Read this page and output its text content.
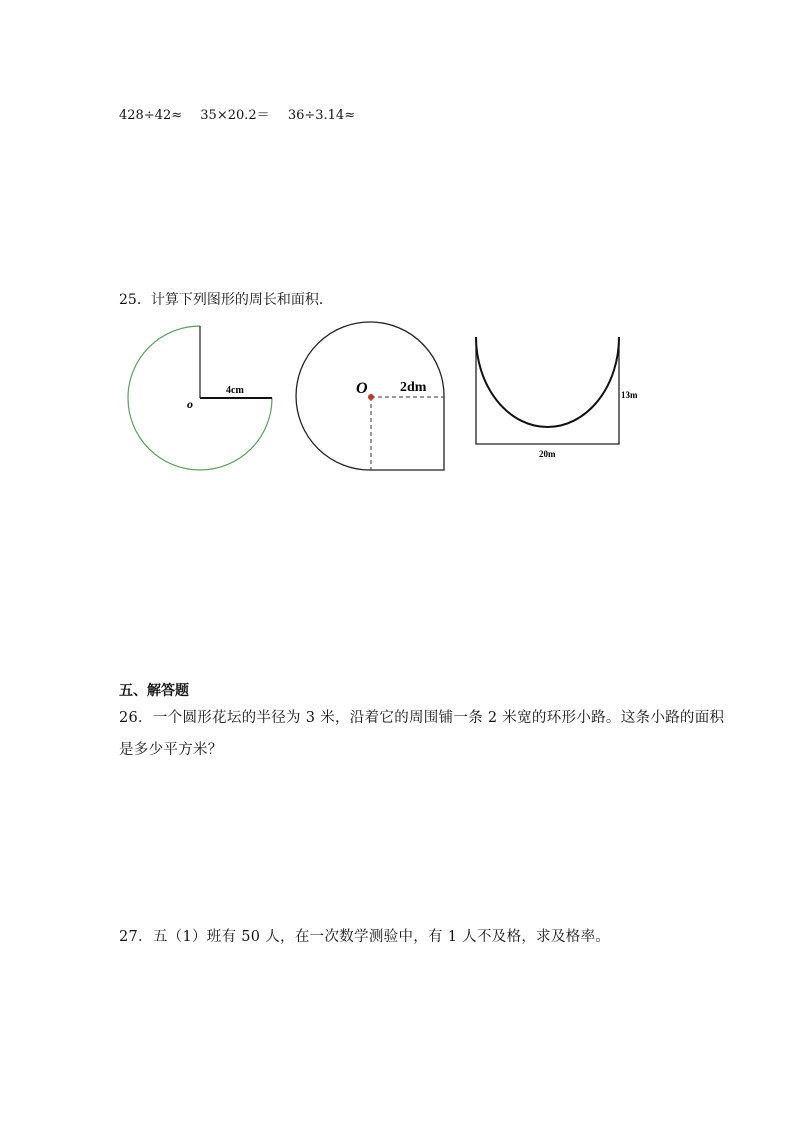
428÷42≈ 35×20.2＝ 36÷3.14≈
25．计算下列图形的周长和面积．
4cm
o
O 2dm	13m
20m
五、解答题
26．一个圆形花坛的半径为 3 米，沿着它的周围铺一条 2 米宽的环形小路。这条小路的面积
是多少平方米？
27．五（1）班有 50 人，在一次数学测验中，有 1 人不及格，求及格率。
